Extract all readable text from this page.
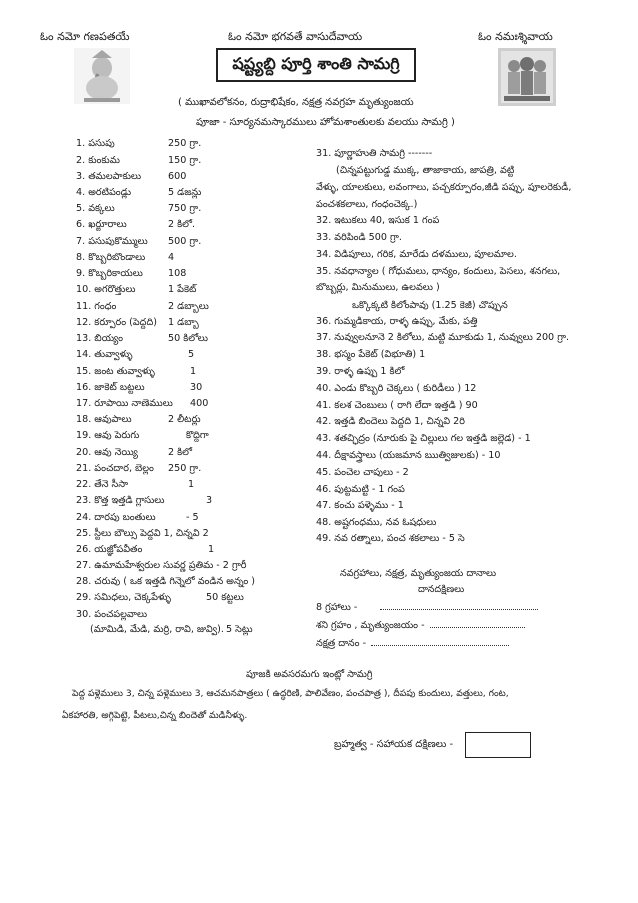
ఓం నమో గణపతయే	ఓం నమో భగవతే వాసుదేవాయ	ఓం నమఃశ్శివాయ
షష్ట్యబ్ది పూర్తి శాంతి సామగ్రి
( ముఖావలోకనం, రుద్రాభిషేకం, నక్షత్ర నవగ్రహ మృత్యుంజయ
పూజా - సూర్యనమస్కారములు హోమశాంతులకు వలయు సామగ్రి )
1. పసుపు	250 గ్రా.
2. కుంకుమ	150 గ్రా.
3. తమలపాకులు	600
4. అరటిపండ్లు	5 డజన్లు
5. వక్కలు	750 గ్రా.
6. ఖర్జూరాలు	2 కిలో.
7. పసుపుకొమ్ములు 500 గ్రా.
8. కొబ్బరిబొండాలు 4
9. కొబ్బరికాయలు	108
10. అగరొత్తులు	1 పేకెట్
11. గంధం	2 డబ్బాలు
12. కర్పూరం (పెద్దది) 1 డబ్బా
13. బియ్యం	50 కిలోలు
14. తువ్వాళ్ళు	5
15. జంట తువ్వాళ్ళు	1
16. జాకెట్ బట్టలు	30
17. రూపాయి నాణెములు 400
18. ఆవుపాలు	2 లీటర్లు
19. ఆవు పెరుగు	కొద్దిగా
20. ఆవు నెయ్యి	2 కిలో
21. పంచదార, బెల్లం 250 గ్రా.
22. తేనె సీసా	1
23. కొత్త ఇత్తడి గ్లాసులు	3
24. దారపు బంతులు	- 5
25. స్టీలు బౌల్సు పెద్దవి 1, చిన్నవి 2
26. యజ్ఞోపవీతం	1
27. ఉమామహేశ్వరుల సువర్ణ ప్రతిమ - 2 గ్రారీ
28. చరువు ( ఒక ఇత్తడి గిన్నెలో వండిన అన్నం )
29. సమిధలు, చెక్కపేళ్ళు	50 కట్టలు
30. పంచపల్లవాలు
(మామిడి, మేడి, మర్రి, రావి, జువ్వి). 5 సెట్లు
31. పూర్ణాహుతి సామగ్రి -------
(చిన్నపట్టుగుడ్డ ముక్క, తాజాకాయ, జాపత్రి, వట్టి
వేళ్ళు, యాలకులు, లవంగాలు, పచ్చకర్పూరం,జీడి పప్పు, పూలరెకుడీ,
పంచశకలాలు, గంధంచెక్క.)
32. ఇటుకలు 40, ఇసుక 1 గంప
33. వరిపిండి 500 గ్రా.
34. విడిపూలు, గరిక, మారేడు దళములు, పూలమాల.
35. నవధాన్యాల ( గోధుమలు, ధాన్యం, కందులు, పెసలు, శనగలు,
బొబ్బర్లు, మినుములు, ఉలవలు )
ఒక్కొక్కటి కిలోంపావు (1.25 కెజీ) చొప్పున
36. గుమ్మడికాయ, రాళ్ళ ఉప్పు, మేకు, పత్తి
37. నువ్వులనూనె 2 కిలోలు, మట్టి మూకుడు 1, నువ్వులు 200 గ్రా.
38. భస్మం పేకెట్ (విభూతి) 1
39. రాళ్ళ ఉప్పు 1 కిలో
40. ఎండు కొబ్బరి చెక్కలు ( కురిడీలు ) 12
41. కలశ చెంబులు ( రాగి లేదా ఇత్తడి ) 90
42. ఇత్తడి బిందెలు పెద్దది 1, చిన్నవి 2రి
43. శతచ్ఛిద్రం (నూరుకు పై చిల్లులు గల ఇత్తడి జల్లెడ) - 1
44. దీక్షావస్త్రాలు (యజమాన ఋత్విజులకు) - 10
45. పంచెల చాపులు - 2
46. పుట్టమట్టి - 1 గంప
47. కంచు పళ్ళెము - 1
48. అష్టగంధము, నవ ఓషధులు
49. నవ రత్నాలు, పంచ శకలాలు - 5 సె
నవగ్రహాలు, నక్షత్ర, మృత్యుంజయ దానాలు
దానదక్షిణలు
8 గ్రహాలు -
శని గ్రహం , మృత్యుంజయం -
నక్షత్ర దానం -
పూజకి అవసరమగు ఇంట్లో సామగ్రి
పెద్ద పళ్లెములు 3, చిన్న పళ్లెములు 3, ఆచమనపాత్రలు ( ఉద్ధరిణి, పాలివేణం, పంచపాత్ర ), దీపపు కుందులు, వత్తులు, గంట,
ఏకహారతి, అగ్గిపెట్టె, పీటలు,చిన్న బిందెతో మడినీళ్ళు.
బ్రహ్మత్వ - సహాయక దక్షిణలు -
